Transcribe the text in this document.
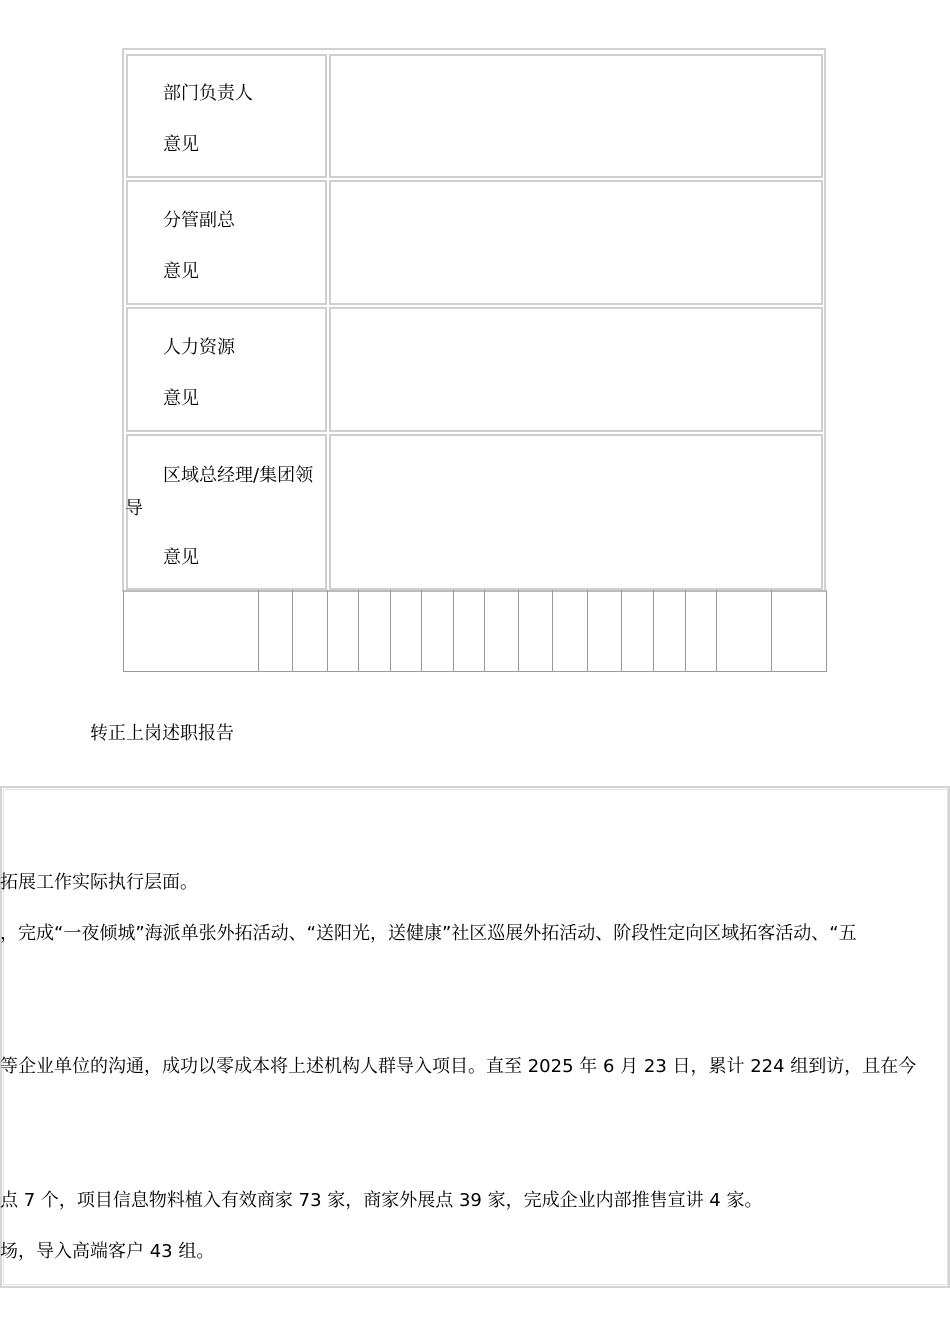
部门负责人
意见
分管副总
意见
人力资源
意见
区域总经理/集团领
导
意见
转正上岗述职报告
拓展工作实际执行层面。
，完成“一夜倾城”海派单张外拓活动、“送阳光，送健康”社区巡展外拓活动、阶段性定向区域拓客活动、“五
等企业单位的沟通，成功以零成本将上述机构人群导入项目。直至 2025 年 6 月 23 日，累计 224 组到访，且在今
点 7 个，项目信息物料植入有效商家 73 家，商家外展点 39 家，完成企业内部推售宣讲 4 家。
场，导入高端客户 43 组。
